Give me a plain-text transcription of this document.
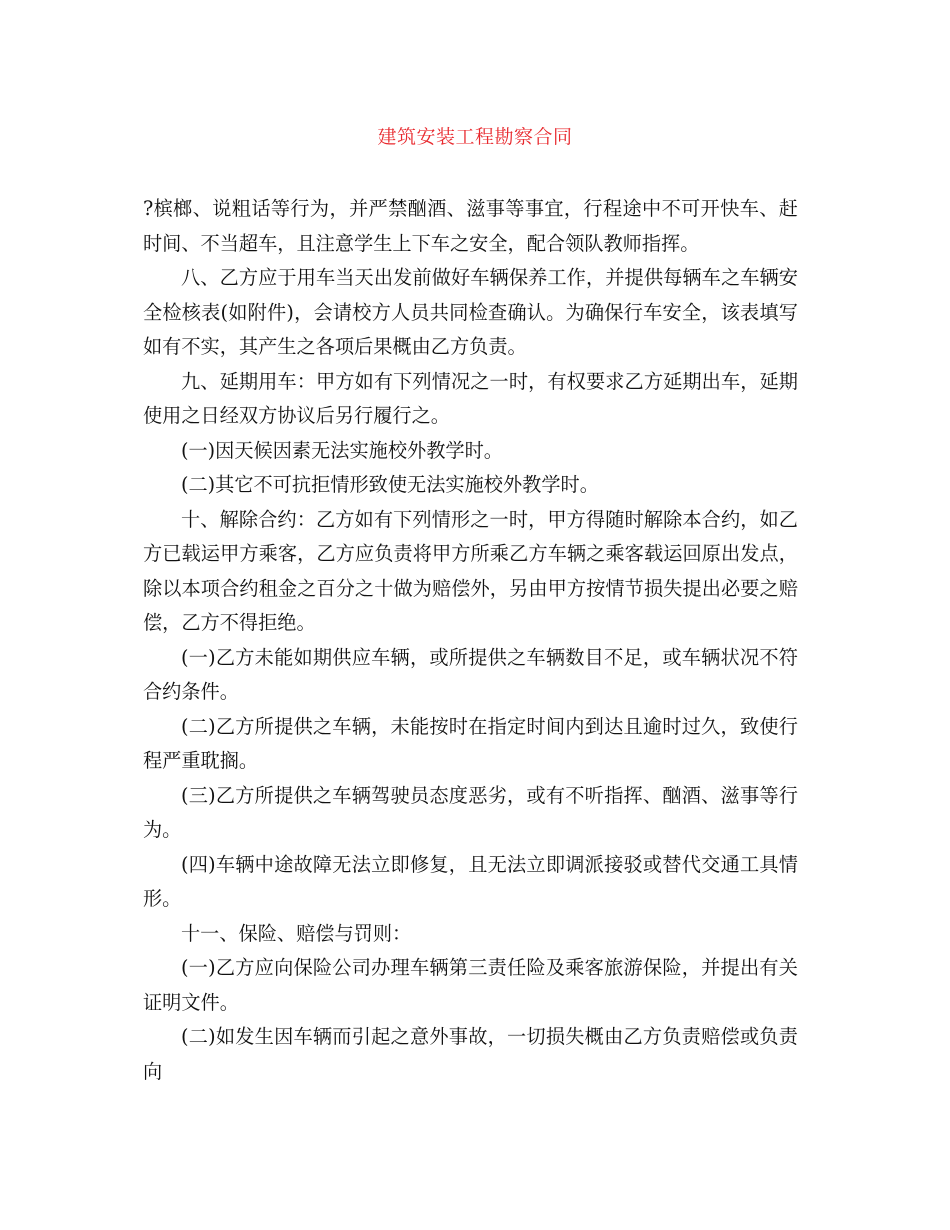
建筑安装工程勘察合同

?槟榔、说粗话等行为，并严禁酗酒、滋事等事宜，行程途中不可开快车、赶时间、不当超车，且注意学生上下车之安全，配合领队教师指挥。

八、乙方应于用车当天出发前做好车辆保养工作，并提供每辆车之车辆安全检核表(如附件)，会请校方人员共同检查确认。为确保行车安全，该表填写如有不实，其产生之各项后果概由乙方负责。

九、延期用车：甲方如有下列情况之一时，有权要求乙方延期出车，延期使用之日经双方协议后另行履行之。

(一)因天候因素无法实施校外教学时。

(二)其它不可抗拒情形致使无法实施校外教学时。

十、解除合约：乙方如有下列情形之一时，甲方得随时解除本合约，如乙方已载运甲方乘客，乙方应负责将甲方所乘乙方车辆之乘客载运回原出发点，除以本项合约租金之百分之十做为赔偿外，另由甲方按情节损失提出必要之赔偿，乙方不得拒绝。

(一)乙方未能如期供应车辆，或所提供之车辆数目不足，或车辆状况不符合约条件。

(二)乙方所提供之车辆，未能按时在指定时间内到达且逾时过久，致使行程严重耽搁。

(三)乙方所提供之车辆驾驶员态度恶劣，或有不听指挥、酗酒、滋事等行为。

(四)车辆中途故障无法立即修复，且无法立即调派接驳或替代交通工具情形。

十一、保险、赔偿与罚则：

(一)乙方应向保险公司办理车辆第三责任险及乘客旅游保险，并提出有关证明文件。

(二)如发生因车辆而引起之意外事故，一切损失概由乙方负责赔偿或负责向
